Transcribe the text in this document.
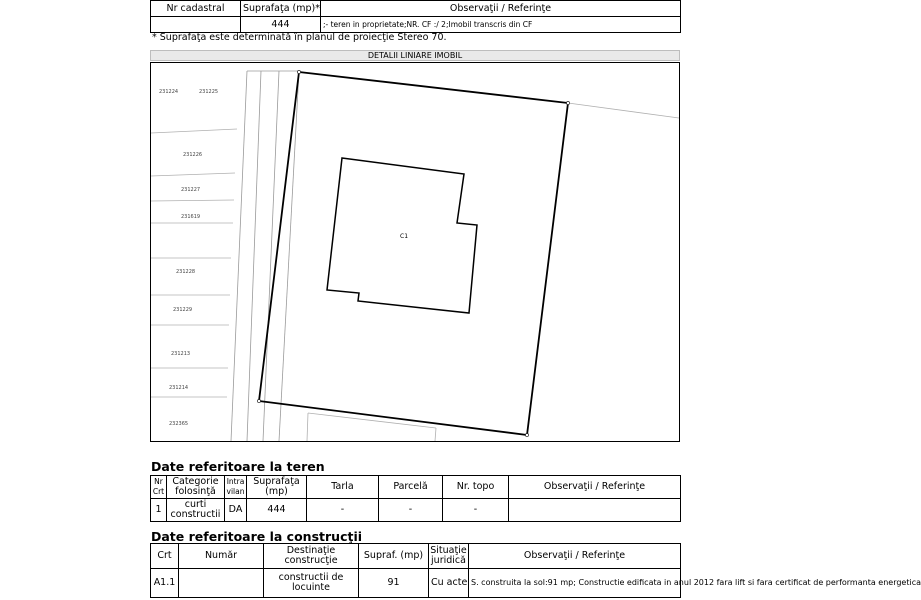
Nr cadastral	Suprafaţa (mp)*	Observaţii / Referinţe
	444	;- teren in proprietate;NR. CF :/ 2;Imobil transcris din CF
* Suprafaţa este determinată în planul de proiecţie Stereo 70.
DETALII LINIARE IMOBIL
231224	231225
231226
231227
231619
231228
231229
231213
231214
232365
C1
Date referitoare la teren
Nr Crt	Categorie folosinţă	Intra vilan	Suprafaţa (mp)	Tarla	Parcelă	Nr. topo	Observaţii / Referinţe
1	curti constructii	DA	444	-	-	-	
Date referitoare la construcţii
Crt	Număr	Destinaţie construcţie	Supraf. (mp)	Situaţie juridică	Observaţii / Referinţe
A1.1		constructii de locuinte	91	Cu acte	S. construita la sol:91 mp; Constructie edificata in anul 2012 fara lift si fara certificat de performanta energetica
